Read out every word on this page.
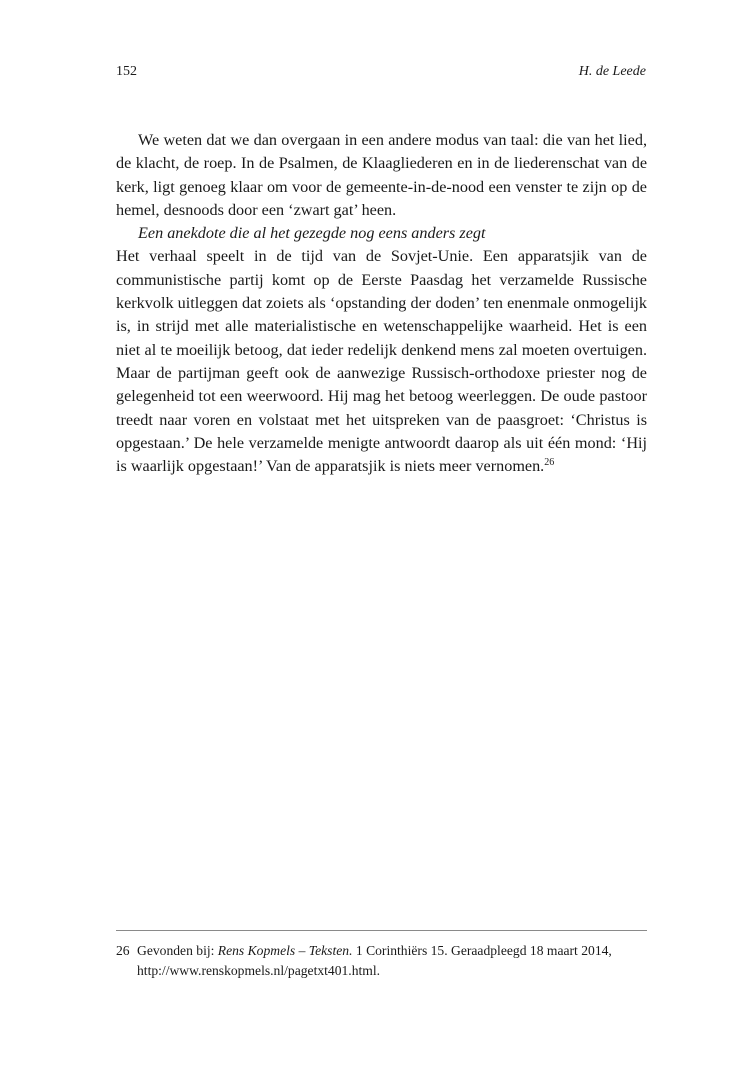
152	H. de Leede

We weten dat we dan overgaan in een andere modus van taal: die van het lied, de klacht, de roep. In de Psalmen, de Klaagliederen en in de liederenschat van de kerk, ligt genoeg klaar om voor de gemeente-in-de-nood een venster te zijn op de hemel, desnoods door een ‘zwart gat’ heen.

Een anekdote die al het gezegde nog eens anders zegt

Het verhaal speelt in de tijd van de Sovjet-Unie. Een apparatsjik van de communistische partij komt op de Eerste Paasdag het verzamelde Russische kerkvolk uitleggen dat zoiets als ‘opstanding der doden’ ten enenmale onmogelijk is, in strijd met alle materialistische en wetenschappelijke waarheid. Het is een niet al te moeilijk betoog, dat ieder redelijk denkend mens zal moeten overtuigen. Maar de partijman geeft ook de aanwezige Russisch-orthodoxe priester nog de gelegenheid tot een weerwoord. Hij mag het betoog weerleggen. De oude pastoor treedt naar voren en volstaat met het uitspreken van de paasgroet: ‘Christus is opgestaan.’ De hele verzamelde menigte antwoordt daarop als uit één mond: ‘Hij is waarlijk opgestaan!’ Van de apparatsjik is niets meer vernomen.$^{26}$

26 Gevonden bij: Rens Kopmels – Teksten. 1 Corinthiërs 15. Geraadpleegd 18 maart 2014, http://www.renskopmels.nl/pagetxt401.html.
